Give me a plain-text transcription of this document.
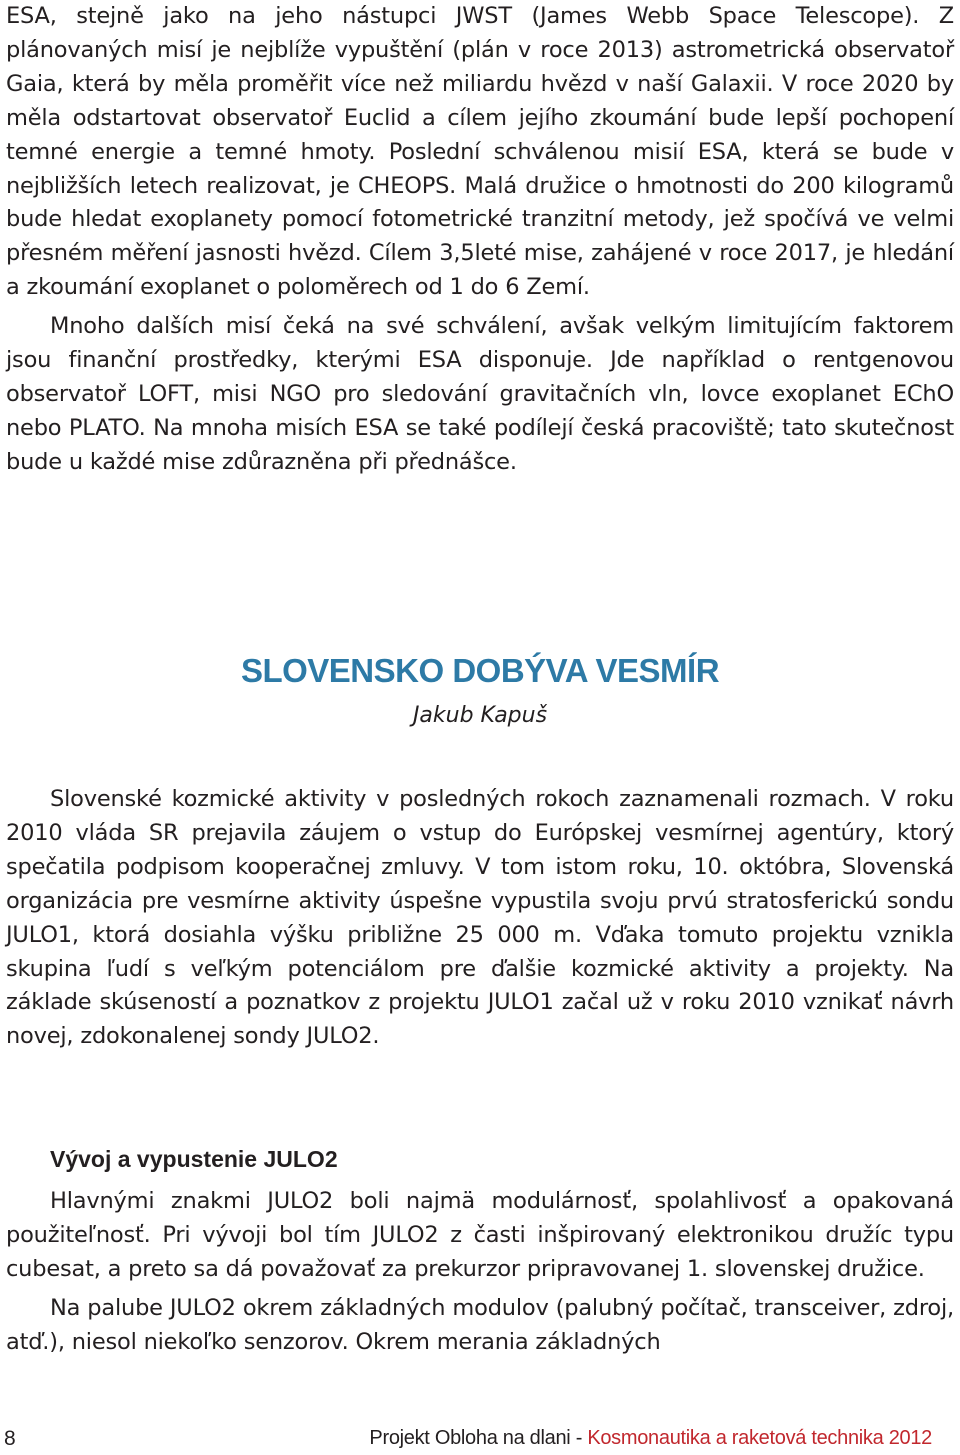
ESA, stejně jako na jeho nástupci JWST (James Webb Space Telescope). Z plánovaných misí je nejblíže vypuštění (plán v roce 2013) astrometrická observatoř Gaia, která by měla proměřit více než miliardu hvězd v naší Galaxii. V roce 2020 by měla odstartovat observatoř Euclid a cílem jejího zkoumání bude lepší pochopení temné energie a temné hmoty. Poslední schválenou misií ESA, která se bude v nejbližších letech realizovat, je CHEOPS. Malá družice o hmotnosti do 200 kilogramů bude hledat exoplanety pomocí fotometrické tranzitní metody, jež spočívá ve velmi přesném měření jasnosti hvězd. Cílem 3,5leté mise, zahájené v roce 2017, je hledání a zkoumání exoplanet o poloměrech od 1 do 6 Zemí.

Mnoho dalších misí čeká na své schválení, avšak velkým limitujícím faktorem jsou finanční prostředky, kterými ESA disponuje. Jde například o rentgenovou observatoř LOFT, misi NGO pro sledování gravitačních vln, lovce exoplanet EChO nebo PLATO. Na mnoha misích ESA se také podílejí česká pracoviště; tato skutečnost bude u každé mise zdůrazněna při přednášce.

SLOVENSKO DOBÝVA VESMÍR
Jakub Kapuš

Slovenské kozmické aktivity v posledných rokoch zaznamenali rozmach. V roku 2010 vláda SR prejavila záujem o vstup do Európskej vesmírnej agentúry, ktorý spečatila podpisom kooperačnej zmluvy. V tom istom roku, 10. októbra, Slovenská organizácia pre vesmírne aktivity úspešne vypustila svoju prvú stratosferickú sondu JULO1, ktorá dosiahla výšku približne 25 000 m. Vďaka tomuto projektu vznikla skupina ľudí s veľkým potenciálom pre ďalšie kozmické aktivity a projekty. Na základe skúseností a poznatkov z projektu JULO1 začal už v roku 2010 vznikať návrh novej, zdokonalenej sondy JULO2.

Vývoj a vypustenie JULO2

Hlavnými znakmi JULO2 boli najmä modulárnosť, spolahlivosť a opakovaná použiteľnosť. Pri vývoji bol tím JULO2 z časti inšpirovaný elektronikou družíc typu cubesat, a preto sa dá považovať za prekurzor pripravovanej 1. slovenskej družice.

Na palube JULO2 okrem základných modulov (palubný počítač, transceiver, zdroj, atď.), niesol niekoľko senzorov. Okrem merania základných

8	Projekt Obloha na dlani - Kosmonautika a raketová technika 2012
